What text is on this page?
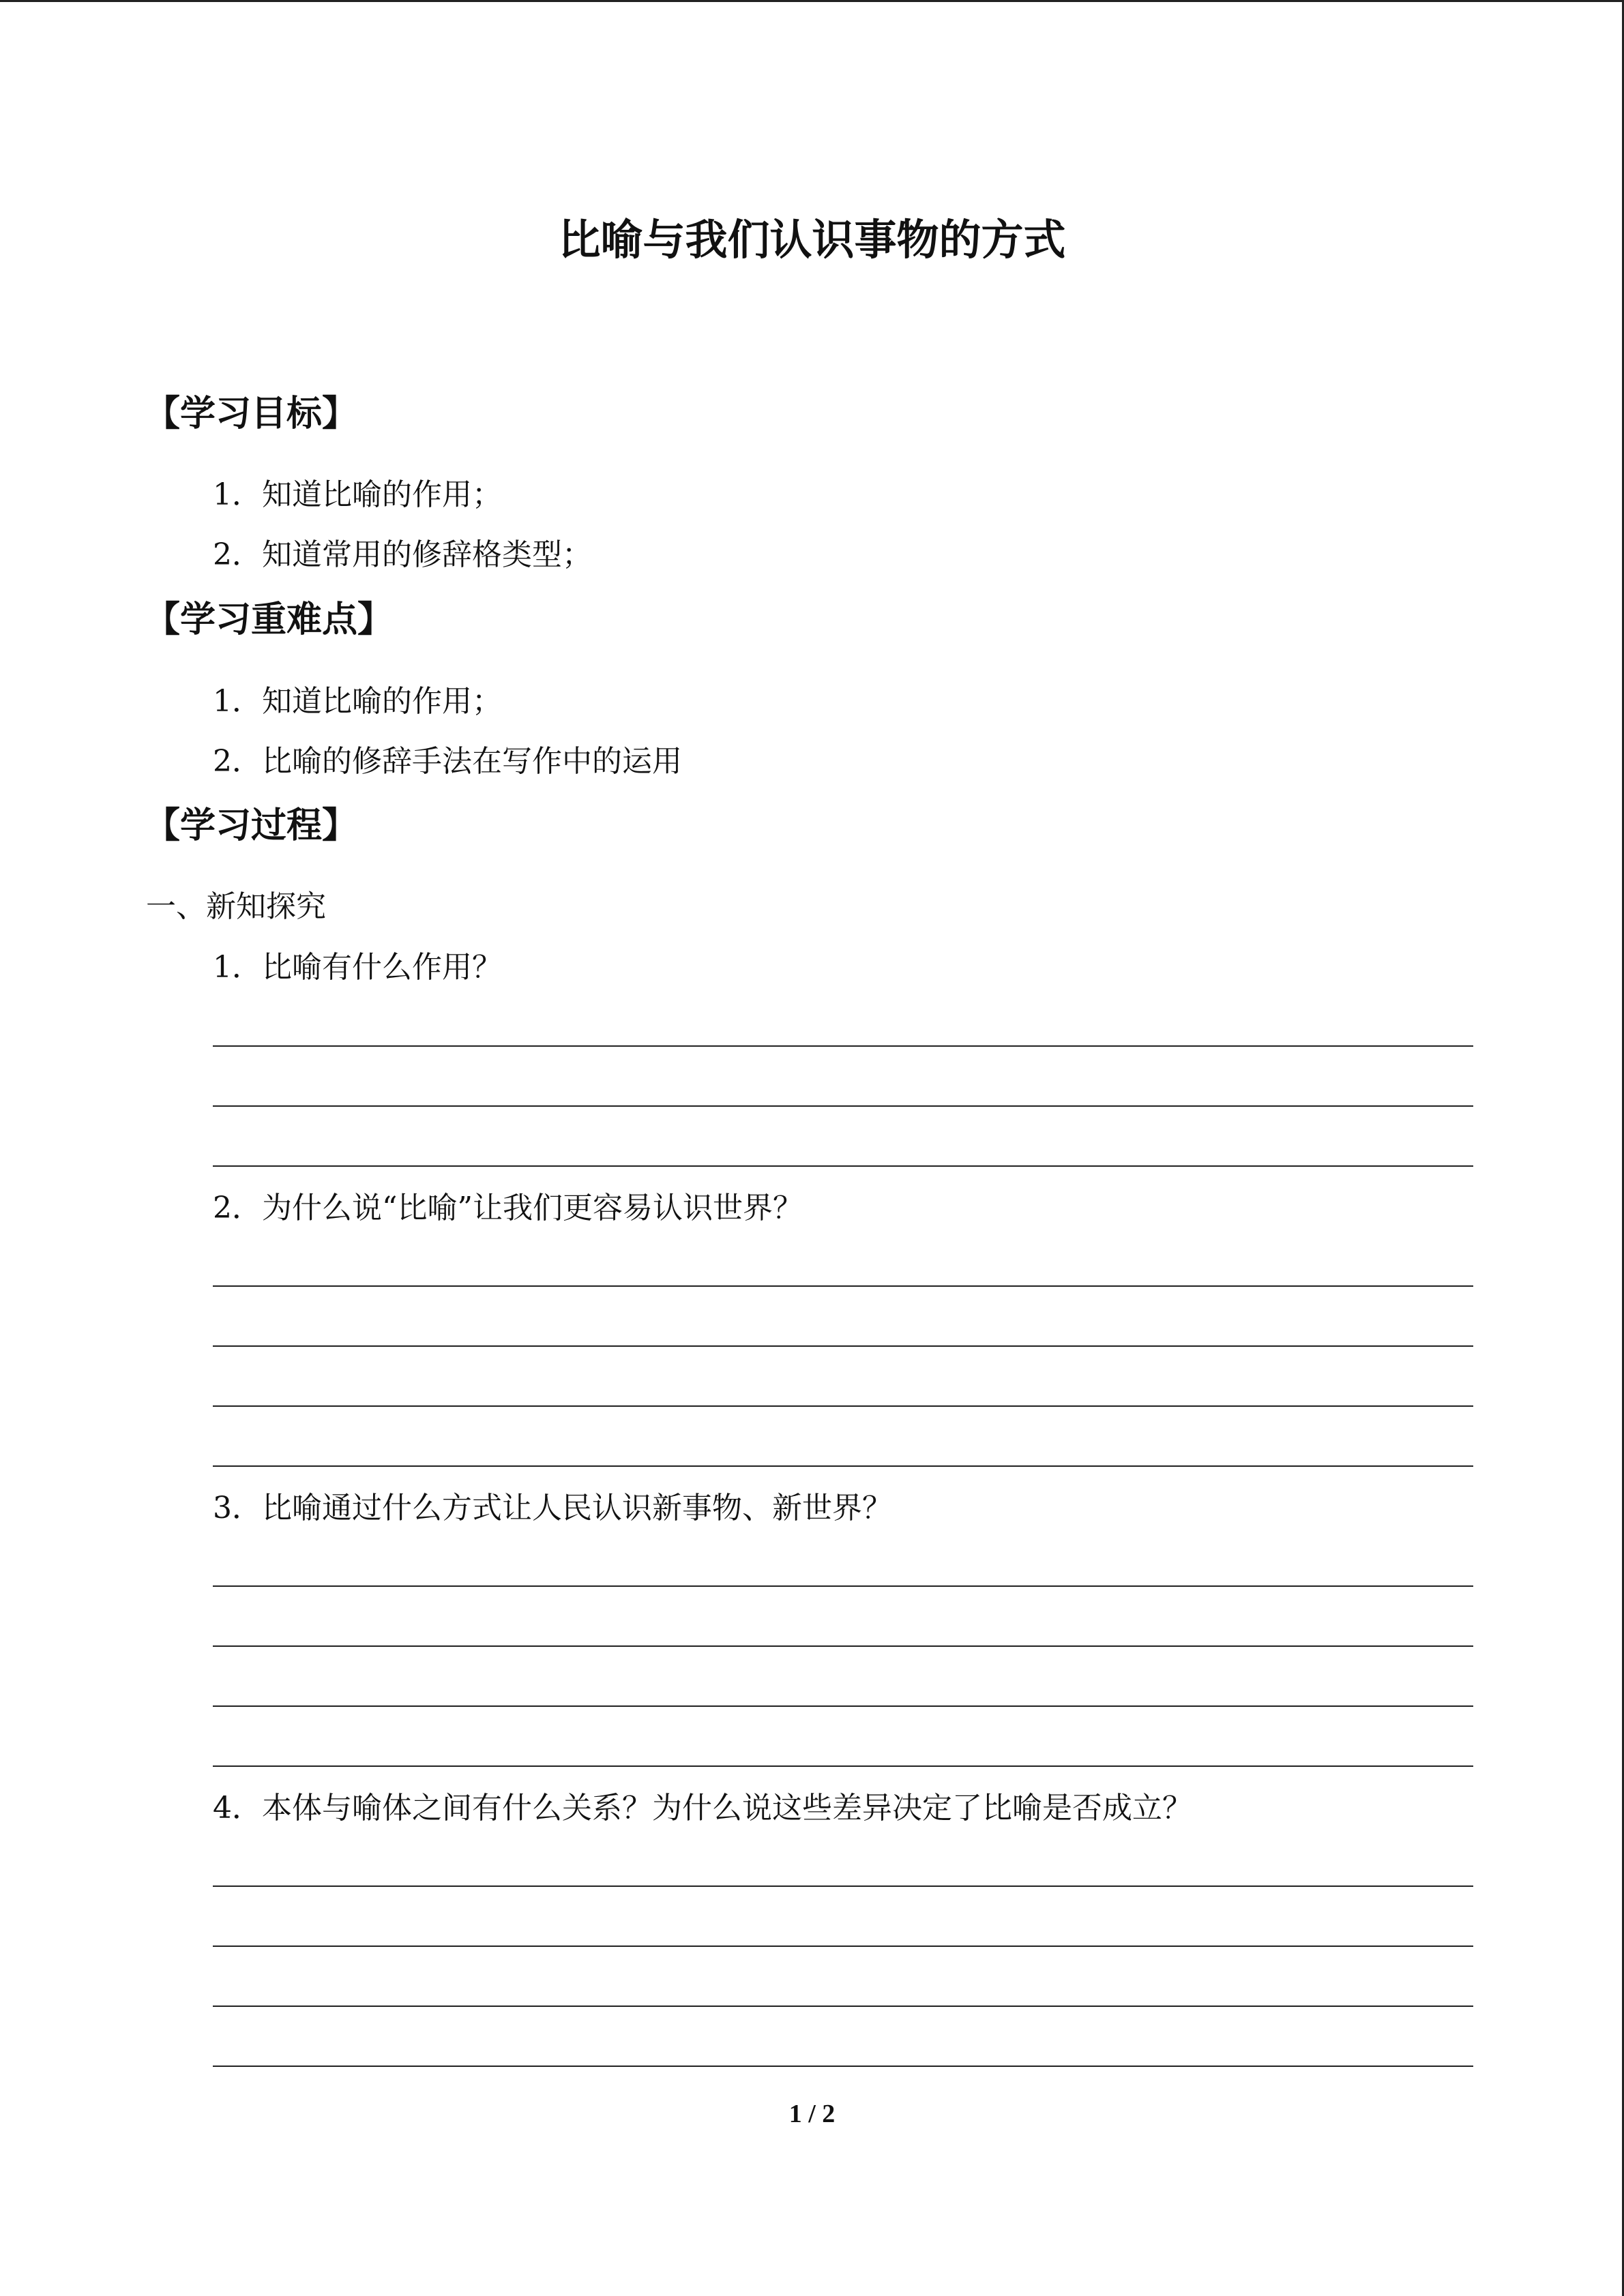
比喻与我们认识事物的方式
【学习目标】
1．知道比喻的作用；
2．知道常用的修辞格类型；
【学习重难点】
1．知道比喻的作用；
2．比喻的修辞手法在写作中的运用
【学习过程】
一、新知探究
1．比喻有什么作用？
2．为什么说“比喻”让我们更容易认识世界？
3．比喻通过什么方式让人民认识新事物、新世界？
4．本体与喻体之间有什么关系？为什么说这些差异决定了比喻是否成立？
1 / 2
